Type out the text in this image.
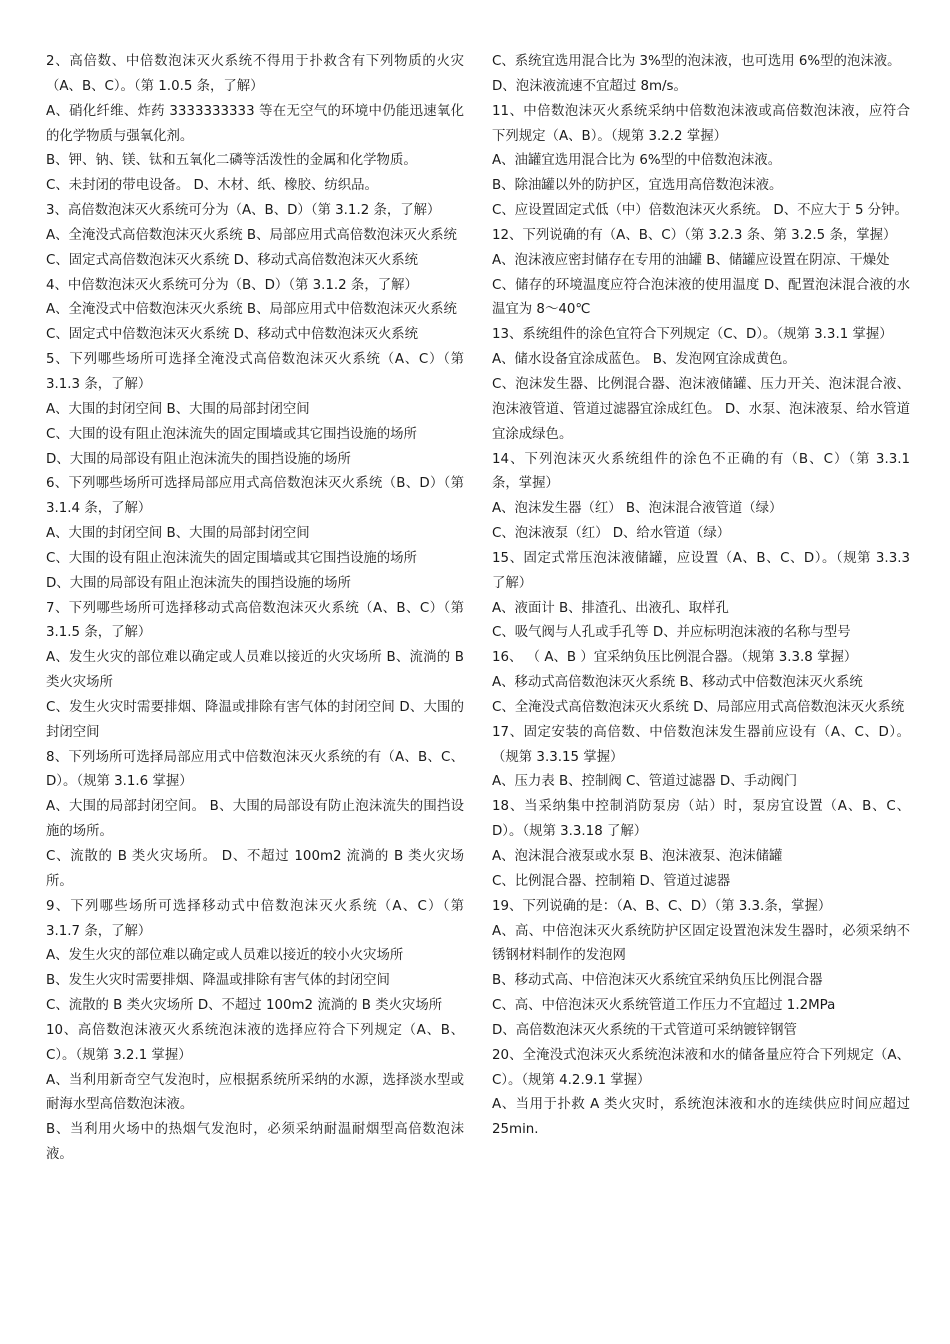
2、高倍数、中倍数泡沫灭火系统不得用于扑救含有下列物质的火灾（A、B、C）。（第 1.0.5 条，了解）

A、硝化纤维、炸药 3333333333 等在无空气的环境中仍能迅速氧化的化学物质与强氧化剂。

B、钾、钠、镁、钛和五氧化二磷等活泼性的金属和化学物质。

C、未封闭的带电设备。 D、木材、纸、橡胶、纺织品。

3、高倍数泡沫灭火系统可分为（A、B、D）（第 3.1.2 条，了解）

A、全淹没式高倍数泡沫灭火系统 B、局部应用式高倍数泡沫灭火系统

C、固定式高倍数泡沫灭火系统 D、移动式高倍数泡沫灭火系统

4、中倍数泡沫灭火系统可分为（B、D）（第 3.1.2 条，了解）

A、全淹没式中倍数泡沫灭火系统 B、局部应用式中倍数泡沫灭火系统

C、固定式中倍数泡沫灭火系统 D、移动式中倍数泡沫灭火系统

5、下列哪些场所可选择全淹没式高倍数泡沫灭火系统（A、C）（第 3.1.3 条，了解）

A、大围的封闭空间 B、大围的局部封闭空间

C、大围的设有阻止泡沫流失的固定围墙或其它围挡设施的场所

D、大围的局部设有阻止泡沫流失的围挡设施的场所

6、下列哪些场所可选择局部应用式高倍数泡沫灭火系统（B、D）（第 3.1.4 条，了解）

A、大围的封闭空间 B、大围的局部封闭空间

C、大围的设有阻止泡沫流失的固定围墙或其它围挡设施的场所

D、大围的局部设有阻止泡沫流失的围挡设施的场所

7、下列哪些场所可选择移动式高倍数泡沫灭火系统（A、B、C）（第 3.1.5 条，了解）

A、发生火灾的部位难以确定或人员难以接近的火灾场所 B、流淌的 B 类火灾场所

C、发生火灾时需要排烟、降温或排除有害气体的封闭空间 D、大围的封闭空间

8、下列场所可选择局部应用式中倍数泡沫灭火系统的有（A、B、C、D）。（规第 3.1.6 掌握）

A、大围的局部封闭空间。 B、大围的局部设有防止泡沫流失的围挡设施的场所。

C、流散的 B 类火灾场所。 D、不超过 100m2 流淌的 B 类火灾场所。

9、下列哪些场所可选择移动式中倍数泡沫灭火系统（A、C）（第 3.1.7 条，了解）

A、发生火灾的部位难以确定或人员难以接近的较小火灾场所

B、发生火灾时需要排烟、降温或排除有害气体的封闭空间

C、流散的 B 类火灾场所 D、不超过 100m2 流淌的 B 类火灾场所

10、高倍数泡沫液灭火系统泡沫液的选择应符合下列规定（A、B、C）。（规第 3.2.1 掌握）

A、当利用新奇空气发泡时，应根据系统所采纳的水源，选择淡水型或耐海水型高倍数泡沫液。

B、当利用火场中的热烟气发泡时，必须采纳耐温耐烟型高倍数泡沫液。

C、系统宜选用混合比为 3%型的泡沫液，也可选用 6%型的泡沫液。

D、泡沫液流速不宜超过 8m/s。

11、中倍数泡沫灭火系统采纳中倍数泡沫液或高倍数泡沫液，应符合下列规定（A、B）。（规第 3.2.2 掌握）

A、油罐宜选用混合比为 6%型的中倍数泡沫液。

B、除油罐以外的防护区，宜选用高倍数泡沫液。

C、应设置固定式低（中）倍数泡沫灭火系统。 D、不应大于 5 分钟。

12、下列说确的有（A、B、C）（第 3.2.3 条、第 3.2.5 条，掌握）

A、泡沫液应密封储存在专用的油罐 B、储罐应设置在阴凉、干燥处

C、储存的环境温度应符合泡沫液的使用温度 D、配置泡沫混合液的水温宜为 8～40℃

13、系统组件的涂色宜符合下列规定（C、D）。（规第 3.3.1 掌握）

A、储水设备宜涂成蓝色。 B、发泡网宜涂成黄色。

C、泡沫发生器、比例混合器、泡沫液储罐、压力开关、泡沫混合液、泡沫液管道、管道过滤器宜涂成红色。 D、水泵、泡沫液泵、给水管道宜涂成绿色。

14、下列泡沫灭火系统组件的涂色不正确的有（B、C）（第 3.3.1 条，掌握）

A、泡沫发生器（红） B、泡沫混合液管道（绿）

C、泡沫液泵（红） D、给水管道（绿）

15、固定式常压泡沫液储罐，应设置（A、B、C、D）。（规第 3.3.3 了解）

A、液面计 B、排渣孔、出液孔、取样孔

C、吸气阀与人孔或手孔等 D、并应标明泡沫液的名称与型号

16、 （ A、B ）宜采纳负压比例混合器。（规第 3.3.8 掌握）

A、移动式高倍数泡沫灭火系统 B、移动式中倍数泡沫灭火系统

C、全淹没式高倍数泡沫灭火系统 D、局部应用式高倍数泡沫灭火系统

17、固定安装的高倍数、中倍数泡沫发生器前应设有（A、C、D）。（规第 3.3.15 掌握）

A、压力表 B、控制阀 C、管道过滤器 D、手动阀门

18、当采纳集中控制消防泵房（站）时，泵房宜设置（A、B、C、D）。（规第 3.3.18 了解）

A、泡沫混合液泵或水泵 B、泡沫液泵、泡沫储罐

C、比例混合器、控制箱 D、管道过滤器

19、下列说确的是：（A、B、C、D）（第 3.3.条，掌握）

A、高、中倍泡沫灭火系统防护区固定设置泡沫发生器时，必须采纳不锈钢材料制作的发泡网

B、移动式高、中倍泡沫灭火系统宜采纳负压比例混合器

C、高、中倍泡沫灭火系统管道工作压力不宜超过 1.2MPa

D、高倍数泡沫灭火系统的干式管道可采纳镀锌钢管

20、全淹没式泡沫灭火系统泡沫液和水的储备量应符合下列规定（A、C）。（规第 4.2.9.1 掌握）

A、当用于扑救 A 类火灾时，系统泡沫液和水的连续供应时间应超过 25min.
